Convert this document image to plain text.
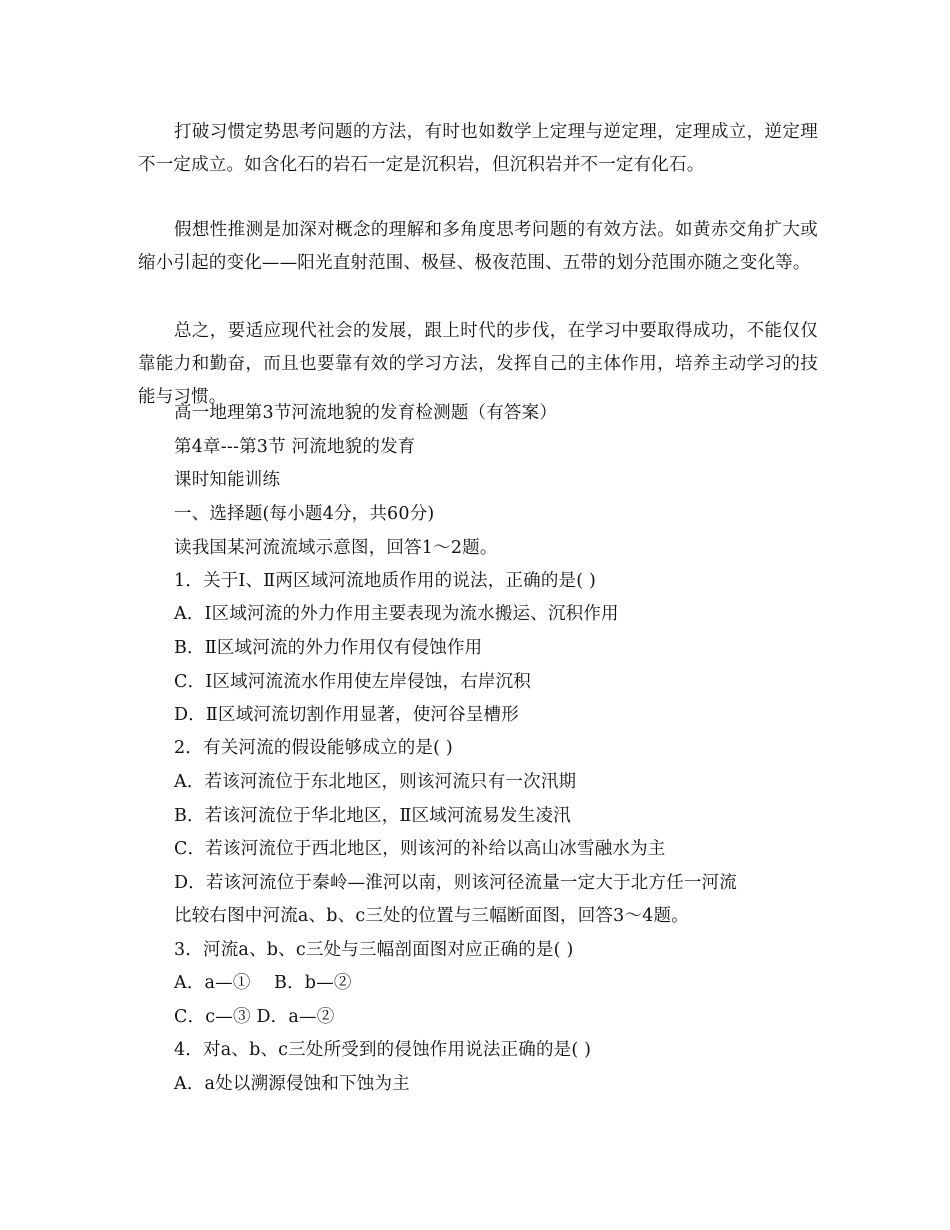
打破习惯定势思考问题的方法，有时也如数学上定理与逆定理，定理成立，逆定理不一定成立。如含化石的岩石一定是沉积岩，但沉积岩并不一定有化石。

假想性推测是加深对概念的理解和多角度思考问题的有效方法。如黄赤交角扩大或缩小引起的变化——阳光直射范围、极昼、极夜范围、五带的划分范围亦随之变化等。

总之，要适应现代社会的发展，跟上时代的步伐，在学习中要取得成功，不能仅仅靠能力和勤奋，而且也要靠有效的学习方法，发挥自己的主体作用，培养主动学习的技能与习惯。

高一地理第3节河流地貌的发育检测题（有答案）

第4章---第3节 河流地貌的发育

课时知能训练

一、选择题(每小题4分，共60分)

读我国某河流流域示意图，回答1～2题。

1．关于Ⅰ、Ⅱ两区域河流地质作用的说法，正确的是( )

A．Ⅰ区域河流的外力作用主要表现为流水搬运、沉积作用

B．Ⅱ区域河流的外力作用仅有侵蚀作用

C．Ⅰ区域河流流水作用使左岸侵蚀，右岸沉积

D．Ⅱ区域河流切割作用显著，使河谷呈槽形

2．有关河流的假设能够成立的是( )

A．若该河流位于东北地区，则该河流只有一次汛期

B．若该河流位于华北地区，Ⅱ区域河流易发生凌汛

C．若该河流位于西北地区，则该河的补给以高山冰雪融水为主

D．若该河流位于秦岭—淮河以南，则该河径流量一定大于北方任一河流

比较右图中河流a、b、c三处的位置与三幅断面图，回答3～4题。

3．河流a、b、c三处与三幅剖面图对应正确的是( )

A．a—①　 B．b—②

C．c—③ D．a—②

4．对a、b、c三处所受到的侵蚀作用说法正确的是( )

A．a处以溯源侵蚀和下蚀为主
